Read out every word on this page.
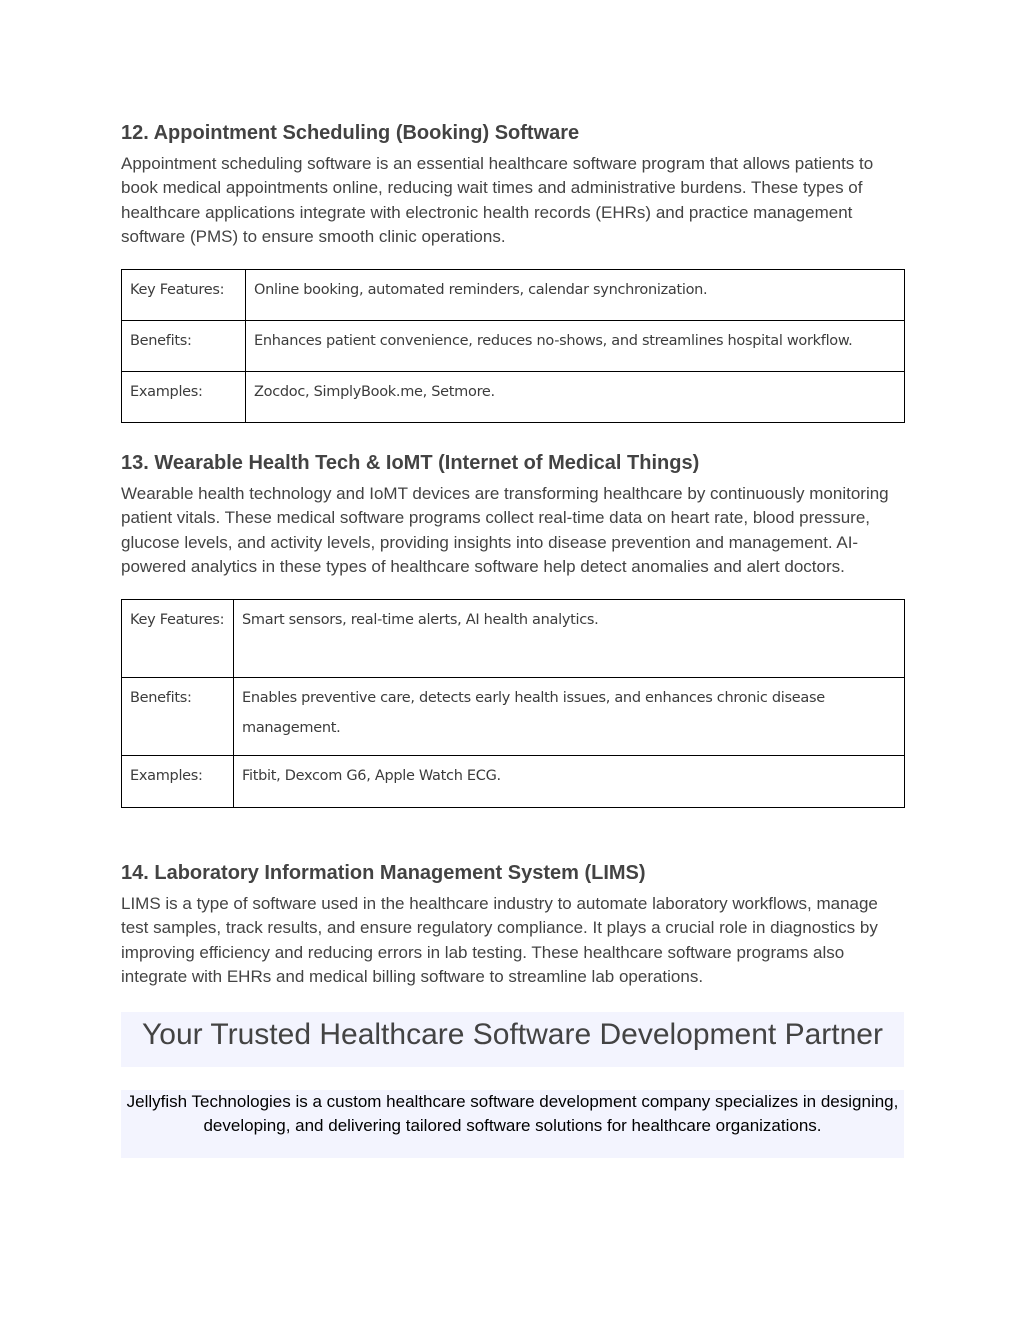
12. Appointment Scheduling (Booking) Software

Appointment scheduling software is an essential healthcare software program that allows patients to book medical appointments online, reducing wait times and administrative burdens. These types of healthcare applications integrate with electronic health records (EHRs) and practice management software (PMS) to ensure smooth clinic operations.

Key Features:	Online booking, automated reminders, calendar synchronization.
Benefits:	Enhances patient convenience, reduces no-shows, and streamlines hospital workflow.
Examples:	Zocdoc, SimplyBook.me, Setmore.
13. Wearable Health Tech & IoMT (Internet of Medical Things)

Wearable health technology and IoMT devices are transforming healthcare by continuously monitoring patient vitals. These medical software programs collect real-time data on heart rate, blood pressure, glucose levels, and activity levels, providing insights into disease prevention and management. AI-powered analytics in these types of healthcare software help detect anomalies and alert doctors.

Key Features:	Smart sensors, real-time alerts, AI health analytics.
Benefits:	Enables preventive care, detects early health issues, and enhances chronic disease management.
Examples:	Fitbit, Dexcom G6, Apple Watch ECG.
14. Laboratory Information Management System (LIMS)

LIMS is a type of software used in the healthcare industry to automate laboratory workflows, manage test samples, track results, and ensure regulatory compliance. It plays a crucial role in diagnostics by improving efficiency and reducing errors in lab testing. These healthcare software programs also integrate with EHRs and medical billing software to streamline lab operations.

Your Trusted Healthcare Software Development Partner
Jellyfish Technologies is a custom healthcare software development company specializes in designing, developing, and delivering tailored software solutions for healthcare organizations.
